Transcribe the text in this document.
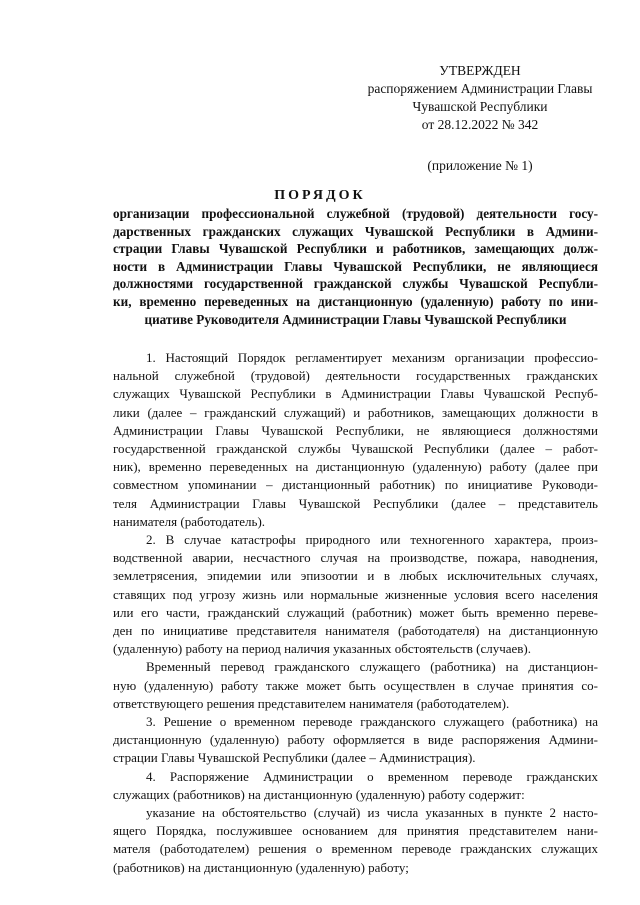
УТВЕРЖДЕН
распоряжением Администрации Главы
Чувашской Республики
от 28.12.2022 № 342
(приложение № 1)
ПОРЯДОК
организации профессиональной служебной (трудовой) деятельности госу-
дарственных гражданских служащих Чувашской Республики в Админи-
страции Главы Чувашской Республики и работников, замещающих долж-
ности в Администрации Главы Чувашской Республики, не являющиеся
должностями государственной гражданской службы Чувашской Республи-
ки, временно переведенных на дистанционную (удаленную) работу по ини-
циативе Руководителя Администрации Главы Чувашской Республики

1. Настоящий Порядок регламентирует механизм организации профессио-
нальной служебной (трудовой) деятельности государственных гражданских
служащих Чувашской Республики в Администрации Главы Чувашской Респуб-
лики (далее – гражданский служащий) и работников, замещающих должности в
Администрации Главы Чувашской Республики, не являющиеся должностями
государственной гражданской службы Чувашской Республики (далее – работ-
ник), временно переведенных на дистанционную (удаленную) работу (далее при
совместном упоминании – дистанционный работник) по инициативе Руководи-
теля Администрации Главы Чувашской Республики (далее – представитель
нанимателя (работодатель).

2. В случае катастрофы природного или техногенного характера, произ-
водственной аварии, несчастного случая на производстве, пожара, наводнения,
землетрясения, эпидемии или эпизоотии и в любых исключительных случаях,
ставящих под угрозу жизнь или нормальные жизненные условия всего населения
или его части, гражданский служащий (работник) может быть временно переве-
ден по инициативе представителя нанимателя (работодателя) на дистанционную
(удаленную) работу на период наличия указанных обстоятельств (случаев).

Временный перевод гражданского служащего (работника) на дистанцион-
ную (удаленную) работу также может быть осуществлен в случае принятия со-
ответствующего решения представителем нанимателя (работодателем).

3. Решение о временном переводе гражданского служащего (работника) на
дистанционную (удаленную) работу оформляется в виде распоряжения Админи-
страции Главы Чувашской Республики (далее – Администрация).

4. Распоряжение Администрации о временном переводе гражданских
служащих (работников) на дистанционную (удаленную) работу содержит:

указание на обстоятельство (случай) из числа указанных в пункте 2 насто-
ящего Порядка, послужившее основанием для принятия представителем нани-
мателя (работодателем) решения о временном переводе гражданских служащих
(работников) на дистанционную (удаленную) работу;
